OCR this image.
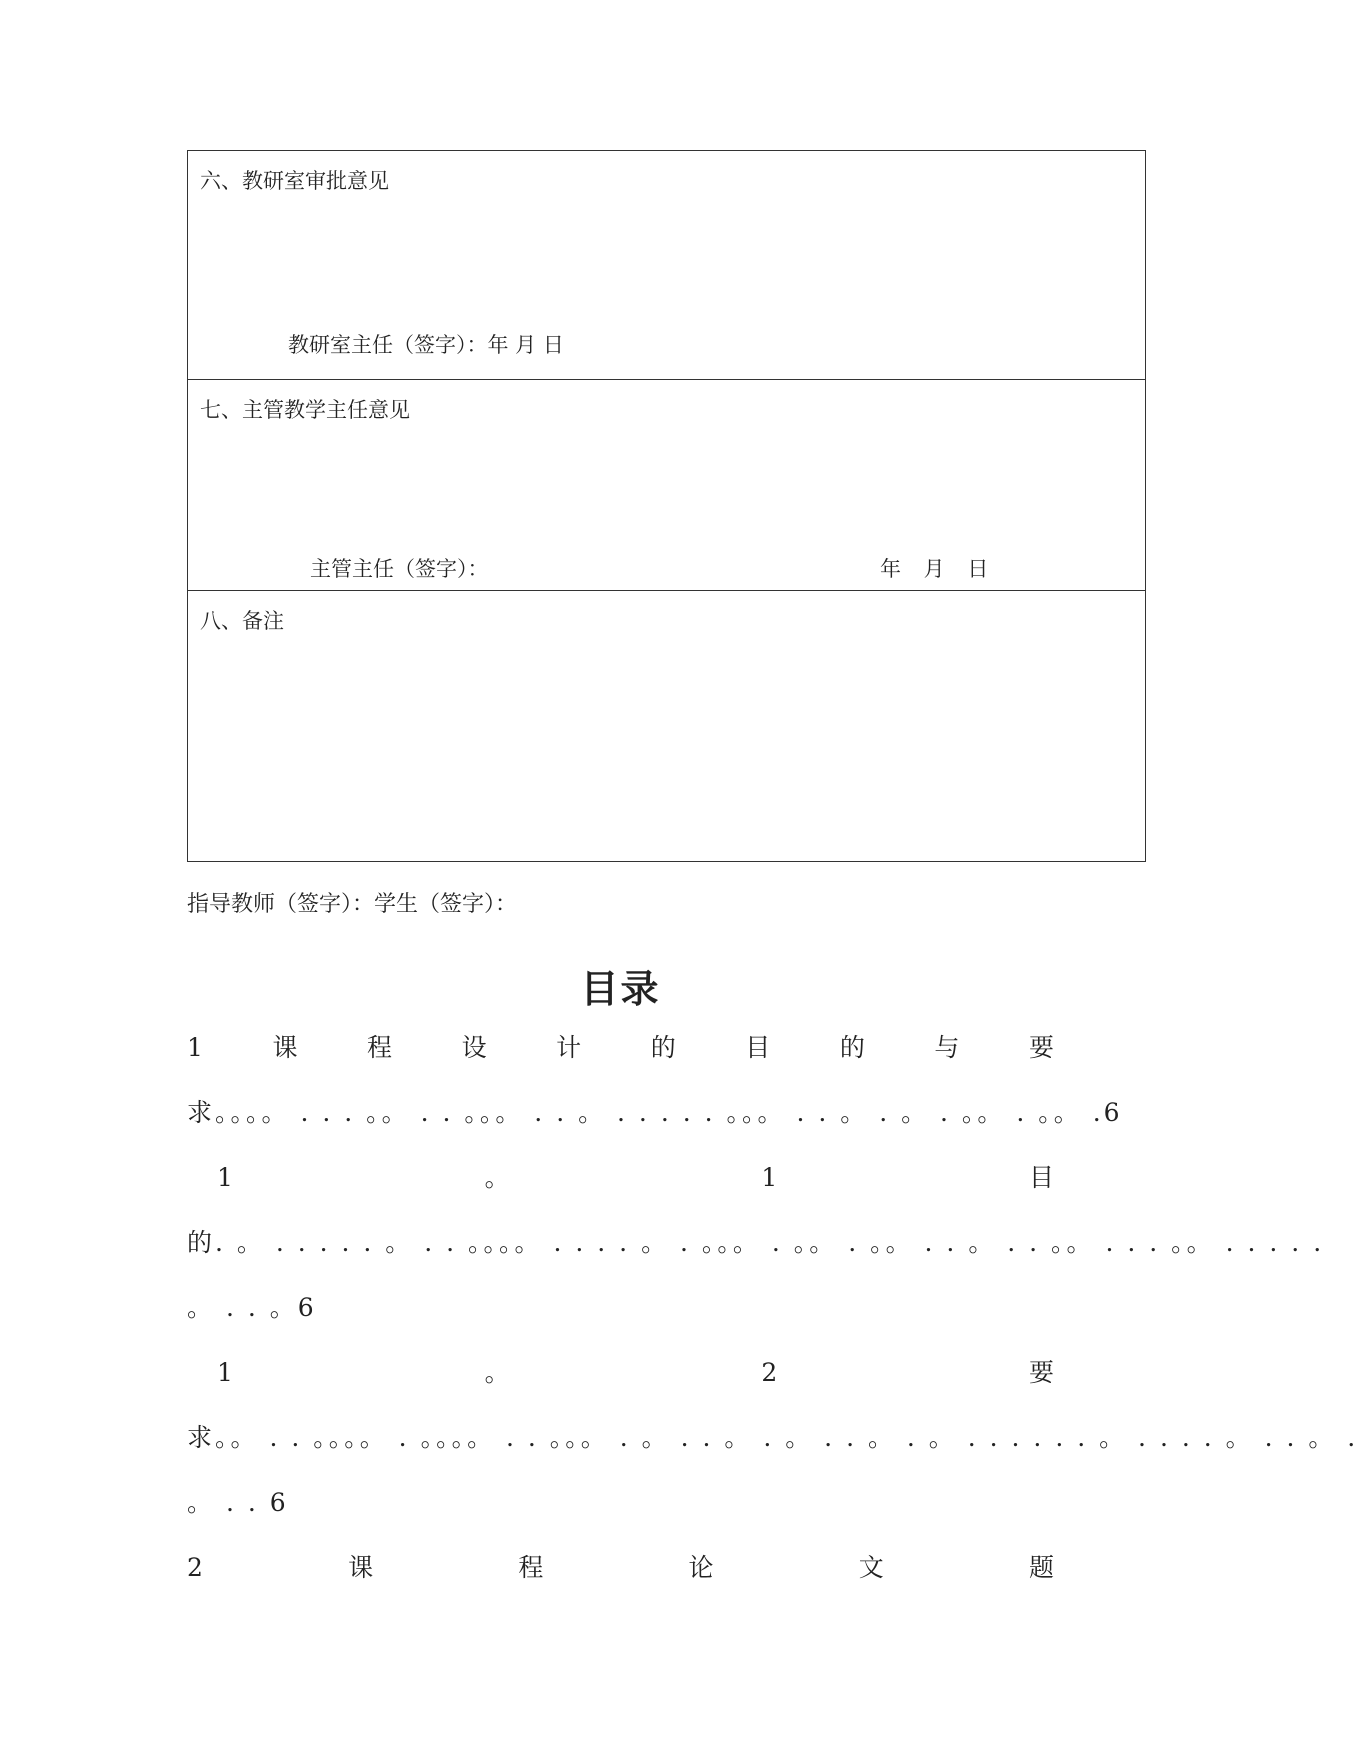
六、教研室审批意见
教研室主任（签字）：年 月 日
七、主管教学主任意见
主管主任（签字）：	年 月 日
八、备注
指导教师（签字）：学生（签字）：
目录
1	课	程	设	计	的	目	的	与	要
求。。。。 . . . 。。 . . 。。。 . . 。 . . . . . 。。。 . . 。 . 。 . 。。 . 。。 .6
1	。	1	目
的. 。 . . . . . 。 . . 。。。。 . . . . 。 . 。。。 . 。。 . 。。 . . 。 . . 。。 . . . 。。 . . . . .
。 . . 。6
1	。	2	要
求。。 . . 。。。。 . 。。。。 . . 。。。 . 。 . . 。 . 。 . . 。 . 。 . . . . . . 。 . . . . 。 . . 。 .
。 . . 6
2	课	程	论	文	题
